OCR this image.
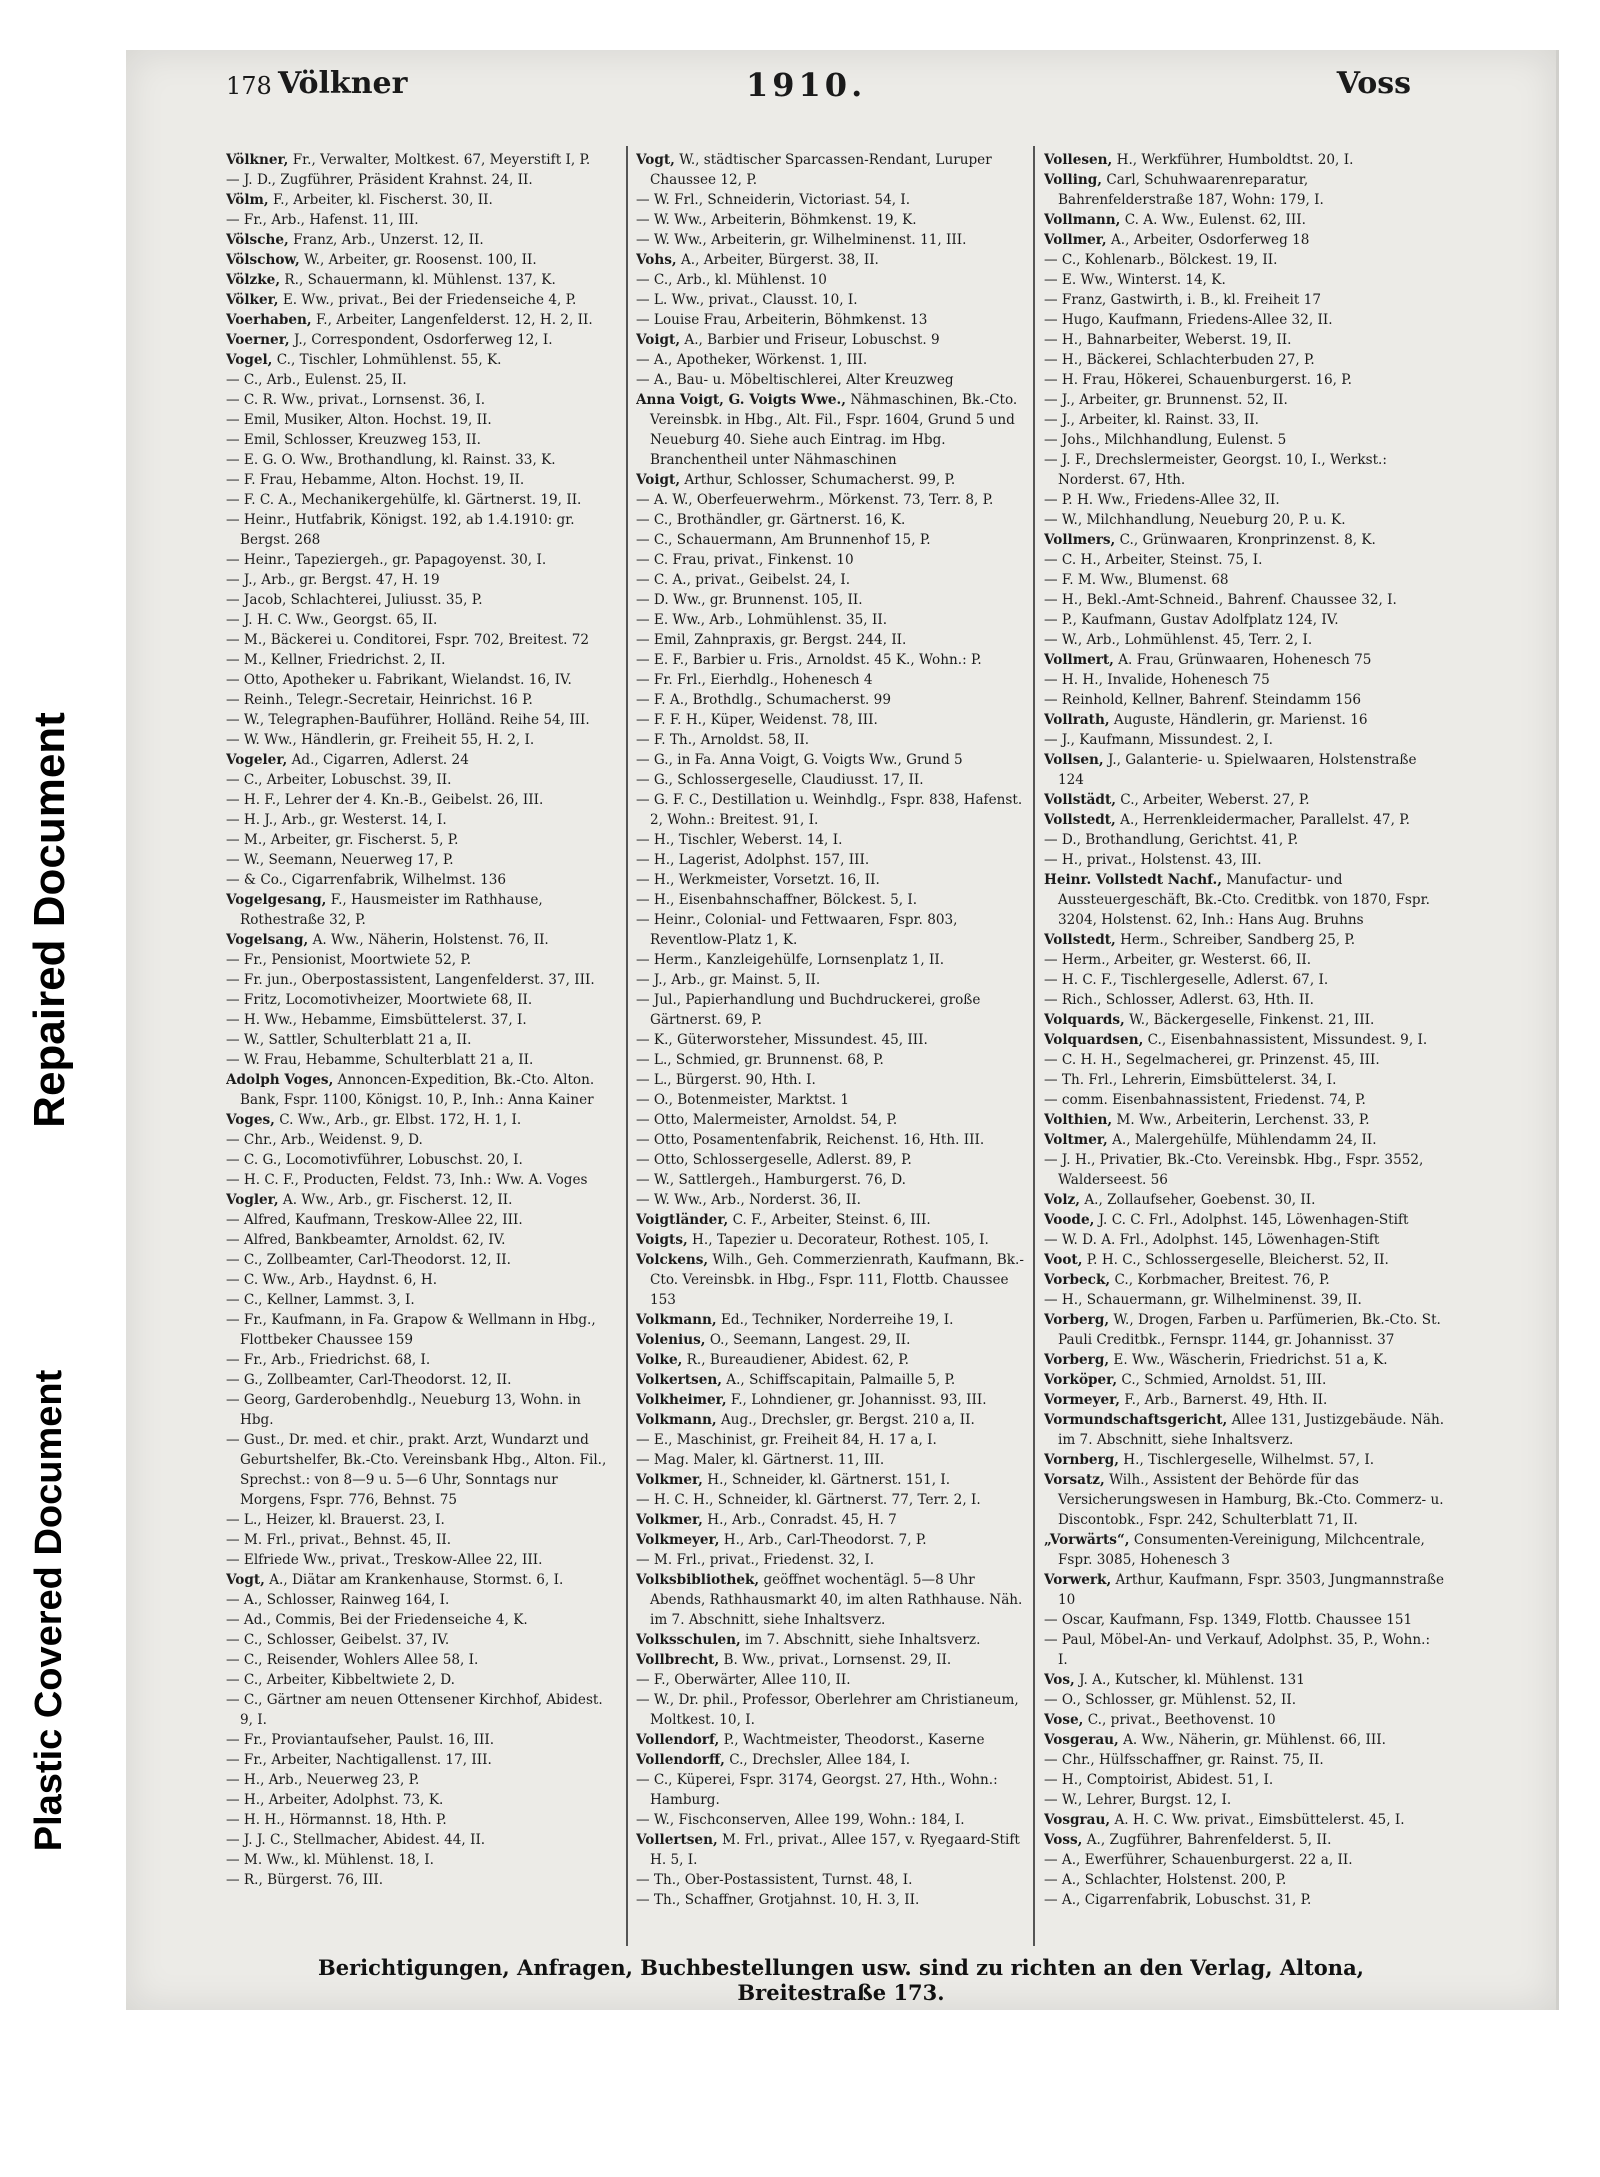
Repaired Document
Plastic Covered Document
178 Völkner	1910.	Voss
Völkner, Fr., Verwalter, Moltkest. 67, Meyerstift I, P.
— J. D., Zugführer, Präsident Krahnst. 24, II.
Völm, F., Arbeiter, kl. Fischerst. 30, II.
— Fr., Arb., Hafenst. 11, III.
Völsche, Franz, Arb., Unzerst. 12, II.
Völschow, W., Arbeiter, gr. Roosenst. 100, II.
Völzke, R., Schauermann, kl. Mühlenst. 137, K.
Völker, E. Ww., privat., Bei der Friedenseiche 4, P.
Voerhaben, F., Arbeiter, Langenfelderst. 12, H. 2, II.
Voerner, J., Correspondent, Osdorferweg 12, I.
Vogel, C., Tischler, Lohmühlenst. 55, K.
— C., Arb., Eulenst. 25, II.
— C. R. Ww., privat., Lornsenst. 36, I.
— Emil, Musiker, Alton. Hochst. 19, II.
— Emil, Schlosser, Kreuzweg 153, II.
— E. G. O. Ww., Brothandlung, kl. Rainst. 33, K.
— F. Frau, Hebamme, Alton. Hochst. 19, II.
— F. C. A., Mechanikergehülfe, kl. Gärtnerst. 19, II.
— Heinr., Hutfabrik, Königst. 192, ab 1.4.1910: gr. Bergst. 268
— Heinr., Tapeziergeh., gr. Papagoyenst. 30, I.
— J., Arb., gr. Bergst. 47, H. 19
— Jacob, Schlachterei, Juliusst. 35, P.
— J. H. C. Ww., Georgst. 65, II.
— M., Bäckerei u. Conditorei, Fspr. 702, Breitest. 72
— M., Kellner, Friedrichst. 2, II.
— Otto, Apotheker u. Fabrikant, Wielandst. 16, IV.
— Reinh., Telegr.-Secretair, Heinrichst. 16 P.
— W., Telegraphen-Bauführer, Holländ. Reihe 54, III.
— W. Ww., Händlerin, gr. Freiheit 55, H. 2, I.
Vogeler, Ad., Cigarren, Adlerst. 24
— C., Arbeiter, Lobuschst. 39, II.
— H. F., Lehrer der 4. Kn.-B., Geibelst. 26, III.
— H. J., Arb., gr. Westerst. 14, I.
— M., Arbeiter, gr. Fischerst. 5, P.
— W., Seemann, Neuerweg 17, P.
— & Co., Cigarrenfabrik, Wilhelmst. 136
Vogelgesang, F., Hausmeister im Rathhause, Rothestraße 32, P.
Vogelsang, A. Ww., Näherin, Holstenst. 76, II.
— Fr., Pensionist, Moortwiete 52, P.
— Fr. jun., Oberpostassistent, Langenfelderst. 37, III.
— Fritz, Locomotivheizer, Moortwiete 68, II.
— H. Ww., Hebamme, Eimsbüttelerst. 37, I.
— W., Sattler, Schulterblatt 21 a, II.
— W. Frau, Hebamme, Schulterblatt 21 a, II.
Adolph Voges, Annoncen-Expedition, Bk.-Cto. Alton. Bank, Fspr. 1100, Königst. 10, P., Inh.: Anna Kainer
Voges, C. Ww., Arb., gr. Elbst. 172, H. 1, I.
— Chr., Arb., Weidenst. 9, D.
— C. G., Locomotivführer, Lobuschst. 20, I.
— H. C. F., Producten, Feldst. 73, Inh.: Ww. A. Voges
Vogler, A. Ww., Arb., gr. Fischerst. 12, II.
— Alfred, Kaufmann, Treskow-Allee 22, III.
— Alfred, Bankbeamter, Arnoldst. 62, IV.
— C., Zollbeamter, Carl-Theodorst. 12, II.
— C. Ww., Arb., Haydnst. 6, H.
— C., Kellner, Lammst. 3, I.
— Fr., Kaufmann, in Fa. Grapow & Wellmann in Hbg., Flottbeker Chaussee 159
— Fr., Arb., Friedrichst. 68, I.
— G., Zollbeamter, Carl-Theodorst. 12, II.
— Georg, Garderobenhdlg., Neueburg 13, Wohn. in Hbg.
— Gust., Dr. med. et chir., prakt. Arzt, Wundarzt und Geburtshelfer, Bk.-Cto. Vereinsbank Hbg., Alton. Fil., Sprechst.: von 8—9 u. 5—6 Uhr, Sonntags nur Morgens, Fspr. 776, Behnst. 75
— L., Heizer, kl. Brauerst. 23, I.
— M. Frl., privat., Behnst. 45, II.
— Elfriede Ww., privat., Treskow-Allee 22, III.
Vogt, A., Diätar am Krankenhause, Stormst. 6, I.
— A., Schlosser, Rainweg 164, I.
— Ad., Commis, Bei der Friedenseiche 4, K.
— C., Schlosser, Geibelst. 37, IV.
— C., Reisender, Wohlers Allee 58, I.
— C., Arbeiter, Kibbeltwiete 2, D.
— C., Gärtner am neuen Ottensener Kirchhof, Abidest. 9, I.
— Fr., Proviantaufseher, Paulst. 16, III.
— Fr., Arbeiter, Nachtigallenst. 17, III.
— H., Arb., Neuerweg 23, P.
— H., Arbeiter, Adolphst. 73, K.
— H. H., Hörmannst. 18, Hth. P.
— J. J. C., Stellmacher, Abidest. 44, II.
— M. Ww., kl. Mühlenst. 18, I.
— R., Bürgerst. 76, III.
Vogt, W., städtischer Sparcassen-Rendant, Luruper Chaussee 12, P.
— W. Frl., Schneiderin, Victoriast. 54, I.
— W. Ww., Arbeiterin, Böhmkenst. 19, K.
— W. Ww., Arbeiterin, gr. Wilhelminenst. 11, III.
Vohs, A., Arbeiter, Bürgerst. 38, II.
— C., Arb., kl. Mühlenst. 10
— L. Ww., privat., Clausst. 10, I.
— Louise Frau, Arbeiterin, Böhmkenst. 13
Voigt, A., Barbier und Friseur, Lobuschst. 9
— A., Apotheker, Wörkenst. 1, III.
— A., Bau- u. Möbeltischlerei, Alter Kreuzweg
Anna Voigt, G. Voigts Wwe., Nähmaschinen, Bk.-Cto. Vereinsbk. in Hbg., Alt. Fil., Fspr. 1604, Grund 5 und Neueburg 40. Siehe auch Eintrag. im Hbg. Branchentheil unter Nähmaschinen
Voigt, Arthur, Schlosser, Schumacherst. 99, P.
— A. W., Oberfeuerwehrm., Mörkenst. 73, Terr. 8, P.
— C., Brothändler, gr. Gärtnerst. 16, K.
— C., Schauermann, Am Brunnenhof 15, P.
— C. Frau, privat., Finkenst. 10
— C. A., privat., Geibelst. 24, I.
— D. Ww., gr. Brunnenst. 105, II.
— E. Ww., Arb., Lohmühlenst. 35, II.
— Emil, Zahnpraxis, gr. Bergst. 244, II.
— E. F., Barbier u. Fris., Arnoldst. 45 K., Wohn.: P.
— Fr. Frl., Eierhdlg., Hohenesch 4
— F. A., Brothdlg., Schumacherst. 99
— F. F. H., Küper, Weidenst. 78, III.
— F. Th., Arnoldst. 58, II.
— G., in Fa. Anna Voigt, G. Voigts Ww., Grund 5
— G., Schlossergeselle, Claudiusst. 17, II.
— G. F. C., Destillation u. Weinhdlg., Fspr. 838, Hafenst. 2, Wohn.: Breitest. 91, I.
— H., Tischler, Weberst. 14, I.
— H., Lagerist, Adolphst. 157, III.
— H., Werkmeister, Vorsetzt. 16, II.
— H., Eisenbahnschaffner, Bölckest. 5, I.
— Heinr., Colonial- und Fettwaaren, Fspr. 803, Reventlow-Platz 1, K.
— Herm., Kanzleigehülfe, Lornsenplatz 1, II.
— J., Arb., gr. Mainst. 5, II.
— Jul., Papierhandlung und Buchdruckerei, große Gärtnerst. 69, P.
— K., Güterworsteher, Missundest. 45, III.
— L., Schmied, gr. Brunnenst. 68, P.
— L., Bürgerst. 90, Hth. I.
— O., Botenmeister, Marktst. 1
— Otto, Malermeister, Arnoldst. 54, P.
— Otto, Posamentenfabrik, Reichenst. 16, Hth. III.
— Otto, Schlossergeselle, Adlerst. 89, P.
— W., Sattlergeh., Hamburgerst. 76, D.
— W. Ww., Arb., Norderst. 36, II.
Voigtländer, C. F., Arbeiter, Steinst. 6, III.
Voigts, H., Tapezier u. Decorateur, Rothest. 105, I.
Volckens, Wilh., Geh. Commerzienrath, Kaufmann, Bk.-Cto. Vereinsbk. in Hbg., Fspr. 111, Flottb. Chaussee 153
Volkmann, Ed., Techniker, Norderreihe 19, I.
Volenius, O., Seemann, Langest. 29, II.
Volke, R., Bureaudiener, Abidest. 62, P.
Volkertsen, A., Schiffscapitain, Palmaille 5, P.
Volkheimer, F., Lohndiener, gr. Johannisst. 93, III.
Volkmann, Aug., Drechsler, gr. Bergst. 210 a, II.
— E., Maschinist, gr. Freiheit 84, H. 17 a, I.
— Mag. Maler, kl. Gärtnerst. 11, III.
Volkmer, H., Schneider, kl. Gärtnerst. 151, I.
— H. C. H., Schneider, kl. Gärtnerst. 77, Terr. 2, I.
Volkmer, H., Arb., Conradst. 45, H. 7
Volkmeyer, H., Arb., Carl-Theodorst. 7, P.
— M. Frl., privat., Friedenst. 32, I.
Volksbibliothek, geöffnet wochentägl. 5—8 Uhr Abends, Rathhausmarkt 40, im alten Rathhause. Näh. im 7. Abschnitt, siehe Inhaltsverz.
Volksschulen, im 7. Abschnitt, siehe Inhaltsverz.
Vollbrecht, B. Ww., privat., Lornsenst. 29, II.
— F., Oberwärter, Allee 110, II.
— W., Dr. phil., Professor, Oberlehrer am Christianeum, Moltkest. 10, I.
Vollendorf, P., Wachtmeister, Theodorst., Kaserne
Vollendorff, C., Drechsler, Allee 184, I.
— C., Küperei, Fspr. 3174, Georgst. 27, Hth., Wohn.: Hamburg.
— W., Fischconserven, Allee 199, Wohn.: 184, I.
Vollertsen, M. Frl., privat., Allee 157, v. Ryegaard-Stift H. 5, I.
— Th., Ober-Postassistent, Turnst. 48, I.
— Th., Schaffner, Grotjahnst. 10, H. 3, II.
Vollesen, H., Werkführer, Humboldtst. 20, I.
Volling, Carl, Schuhwaarenreparatur, Bahrenfelderstraße 187, Wohn: 179, I.
Vollmann, C. A. Ww., Eulenst. 62, III.
Vollmer, A., Arbeiter, Osdorferweg 18
— C., Kohlenarb., Bölckest. 19, II.
— E. Ww., Winterst. 14, K.
— Franz, Gastwirth, i. B., kl. Freiheit 17
— Hugo, Kaufmann, Friedens-Allee 32, II.
— H., Bahnarbeiter, Weberst. 19, II.
— H., Bäckerei, Schlachterbuden 27, P.
— H. Frau, Hökerei, Schauenburgerst. 16, P.
— J., Arbeiter, gr. Brunnenst. 52, II.
— J., Arbeiter, kl. Rainst. 33, II.
— Johs., Milchhandlung, Eulenst. 5
— J. F., Drechslermeister, Georgst. 10, I., Werkst.: Norderst. 67, Hth.
— P. H. Ww., Friedens-Allee 32, II.
— W., Milchhandlung, Neueburg 20, P. u. K.
Vollmers, C., Grünwaaren, Kronprinzenst. 8, K.
— C. H., Arbeiter, Steinst. 75, I.
— F. M. Ww., Blumenst. 68
— H., Bekl.-Amt-Schneid., Bahrenf. Chaussee 32, I.
— P., Kaufmann, Gustav Adolfplatz 124, IV.
— W., Arb., Lohmühlenst. 45, Terr. 2, I.
Vollmert, A. Frau, Grünwaaren, Hohenesch 75
— H. H., Invalide, Hohenesch 75
— Reinhold, Kellner, Bahrenf. Steindamm 156
Vollrath, Auguste, Händlerin, gr. Marienst. 16
— J., Kaufmann, Missundest. 2, I.
Vollsen, J., Galanterie- u. Spielwaaren, Holstenstraße 124
Vollstädt, C., Arbeiter, Weberst. 27, P.
Vollstedt, A., Herrenkleidermacher, Parallelst. 47, P.
— D., Brothandlung, Gerichtst. 41, P.
— H., privat., Holstenst. 43, III.
Heinr. Vollstedt Nachf., Manufactur- und Aussteuergeschäft, Bk.-Cto. Creditbk. von 1870, Fspr. 3204, Holstenst. 62, Inh.: Hans Aug. Bruhns
Vollstedt, Herm., Schreiber, Sandberg 25, P.
— Herm., Arbeiter, gr. Westerst. 66, II.
— H. C. F., Tischlergeselle, Adlerst. 67, I.
— Rich., Schlosser, Adlerst. 63, Hth. II.
Volquards, W., Bäckergeselle, Finkenst. 21, III.
Volquardsen, C., Eisenbahnassistent, Missundest. 9, I.
— C. H. H., Segelmacherei, gr. Prinzenst. 45, III.
— Th. Frl., Lehrerin, Eimsbüttelerst. 34, I.
— comm. Eisenbahnassistent, Friedenst. 74, P.
Volthien, M. Ww., Arbeiterin, Lerchenst. 33, P.
Voltmer, A., Malergehülfe, Mühlendamm 24, II.
— J. H., Privatier, Bk.-Cto. Vereinsbk. Hbg., Fspr. 3552, Walderseest. 56
Volz, A., Zollaufseher, Goebenst. 30, II.
Voode, J. C. C. Frl., Adolphst. 145, Löwenhagen-Stift
— W. D. A. Frl., Adolphst. 145, Löwenhagen-Stift
Voot, P. H. C., Schlossergeselle, Bleicherst. 52, II.
Vorbeck, C., Korbmacher, Breitest. 76, P.
— H., Schauermann, gr. Wilhelminenst. 39, II.
Vorberg, W., Drogen, Farben u. Parfümerien, Bk.-Cto. St. Pauli Creditbk., Fernspr. 1144, gr. Johannisst. 37
Vorberg, E. Ww., Wäscherin, Friedrichst. 51 a, K.
Vorköper, C., Schmied, Arnoldst. 51, III.
Vormeyer, F., Arb., Barnerst. 49, Hth. II.
Vormundschaftsgericht, Allee 131, Justizgebäude. Näh. im 7. Abschnitt, siehe Inhaltsverz.
Vornberg, H., Tischlergeselle, Wilhelmst. 57, I.
Vorsatz, Wilh., Assistent der Behörde für das Versicherungswesen in Hamburg, Bk.-Cto. Commerz- u. Discontobk., Fspr. 242, Schulterblatt 71, II.
„Vorwärts“, Consumenten-Vereinigung, Milchcentrale, Fspr. 3085, Hohenesch 3
Vorwerk, Arthur, Kaufmann, Fspr. 3503, Jungmannstraße 10
— Oscar, Kaufmann, Fsp. 1349, Flottb. Chaussee 151
— Paul, Möbel-An- und Verkauf, Adolphst. 35, P., Wohn.: I.
Vos, J. A., Kutscher, kl. Mühlenst. 131
— O., Schlosser, gr. Mühlenst. 52, II.
Vose, C., privat., Beethovenst. 10
Vosgerau, A. Ww., Näherin, gr. Mühlenst. 66, III.
— Chr., Hülfsschaffner, gr. Rainst. 75, II.
— H., Comptoirist, Abidest. 51, I.
— W., Lehrer, Burgst. 12, I.
Vosgrau, A. H. C. Ww. privat., Eimsbüttelerst. 45, I.
Voss, A., Zugführer, Bahrenfelderst. 5, II.
— A., Ewerführer, Schauenburgerst. 22 a, II.
— A., Schlachter, Holstenst. 200, P.
— A., Cigarrenfabrik, Lobuschst. 31, P.
Berichtigungen, Anfragen, Buchbestellungen usw. sind zu richten an den Verlag, Altona, Breitestraße 173.
